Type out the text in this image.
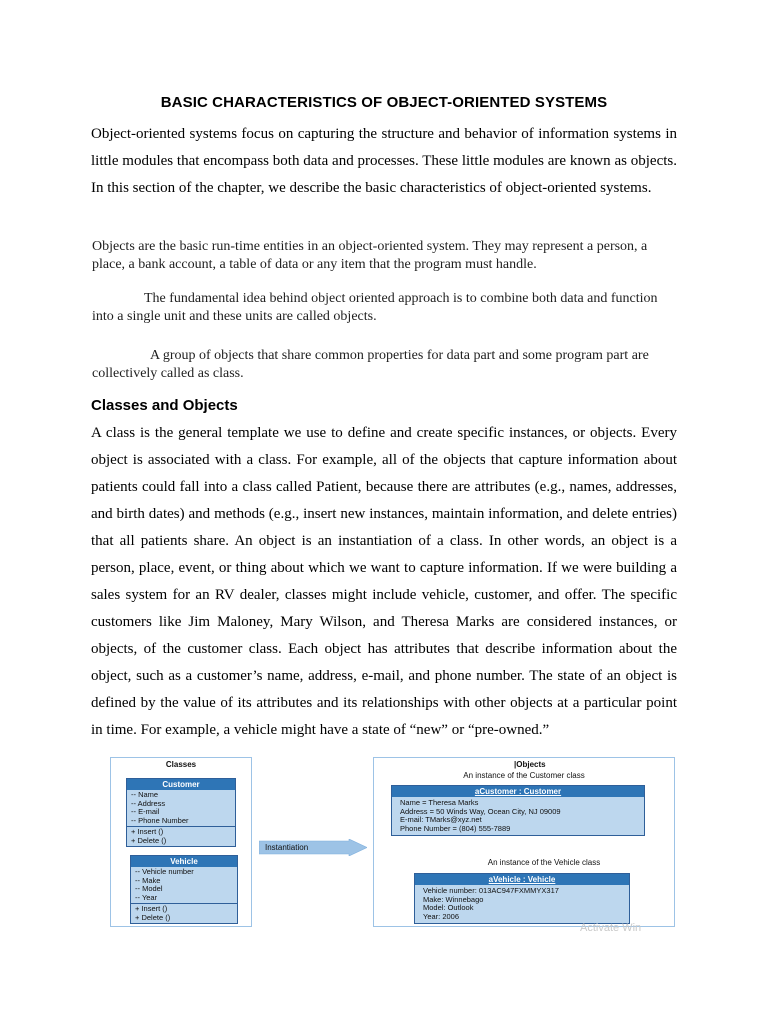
BASIC CHARACTERISTICS OF OBJECT-ORIENTED SYSTEMS
Object-oriented systems focus on capturing the structure and behavior of information systems in little modules that encompass both data and processes. These little modules are known as objects. In this section of the chapter, we describe the basic characteristics of object-oriented systems.
Objects are the basic run-time entities in an object-oriented system. They may represent a person, a place, a bank account, a table of data or any item that the program must handle.
The fundamental idea behind object oriented approach is to combine both data and function into a single unit and these units are called objects.
A group of objects that share common properties for data part and some program part are collectively called as class.
Classes and Objects
A class is the general template we use to define and create specific instances, or objects. Every object is associated with a class. For example, all of the objects that capture information about patients could fall into a class called Patient, because there are attributes (e.g., names, addresses, and birth dates) and methods (e.g., insert new instances, maintain information, and delete entries) that all patients share. An object is an instantiation of a class. In other words, an object is a person, place, event, or thing about which we want to capture information. If we were building a sales system for an RV dealer, classes might include vehicle, customer, and offer. The specific customers like Jim Maloney, Mary Wilson, and Theresa Marks are considered instances, or objects, of the customer class. Each object has attributes that describe information about the object, such as a customer’s name, address, e-mail, and phone number. The state of an object is defined by the value of its attributes and its relationships with other objects at a particular point in time. For example, a vehicle might have a state of “new” or “pre-owned.”
Classes
Customer
-- Name
-- Address
-- E-mail
-- Phone Number
+ Insert ()
+ Delete ()
Vehicle
-- Vehicle number
-- Make
-- Model
-- Year
+ Insert ()
+ Delete ()
Instantiation
|Objects
An instance of the Customer class
aCustomer : Customer
Name = Theresa Marks
Address = 50 Winds Way, Ocean City, NJ 09009
E-mail: TMarks@xyz.net
Phone Number = (804) 555-7889
An instance of the Vehicle class
aVehicle : Vehicle
Vehicle number: 013AC947FXMMYX317
Make: Winnebago
Model: Outlook
Year: 2006
Activate Win
